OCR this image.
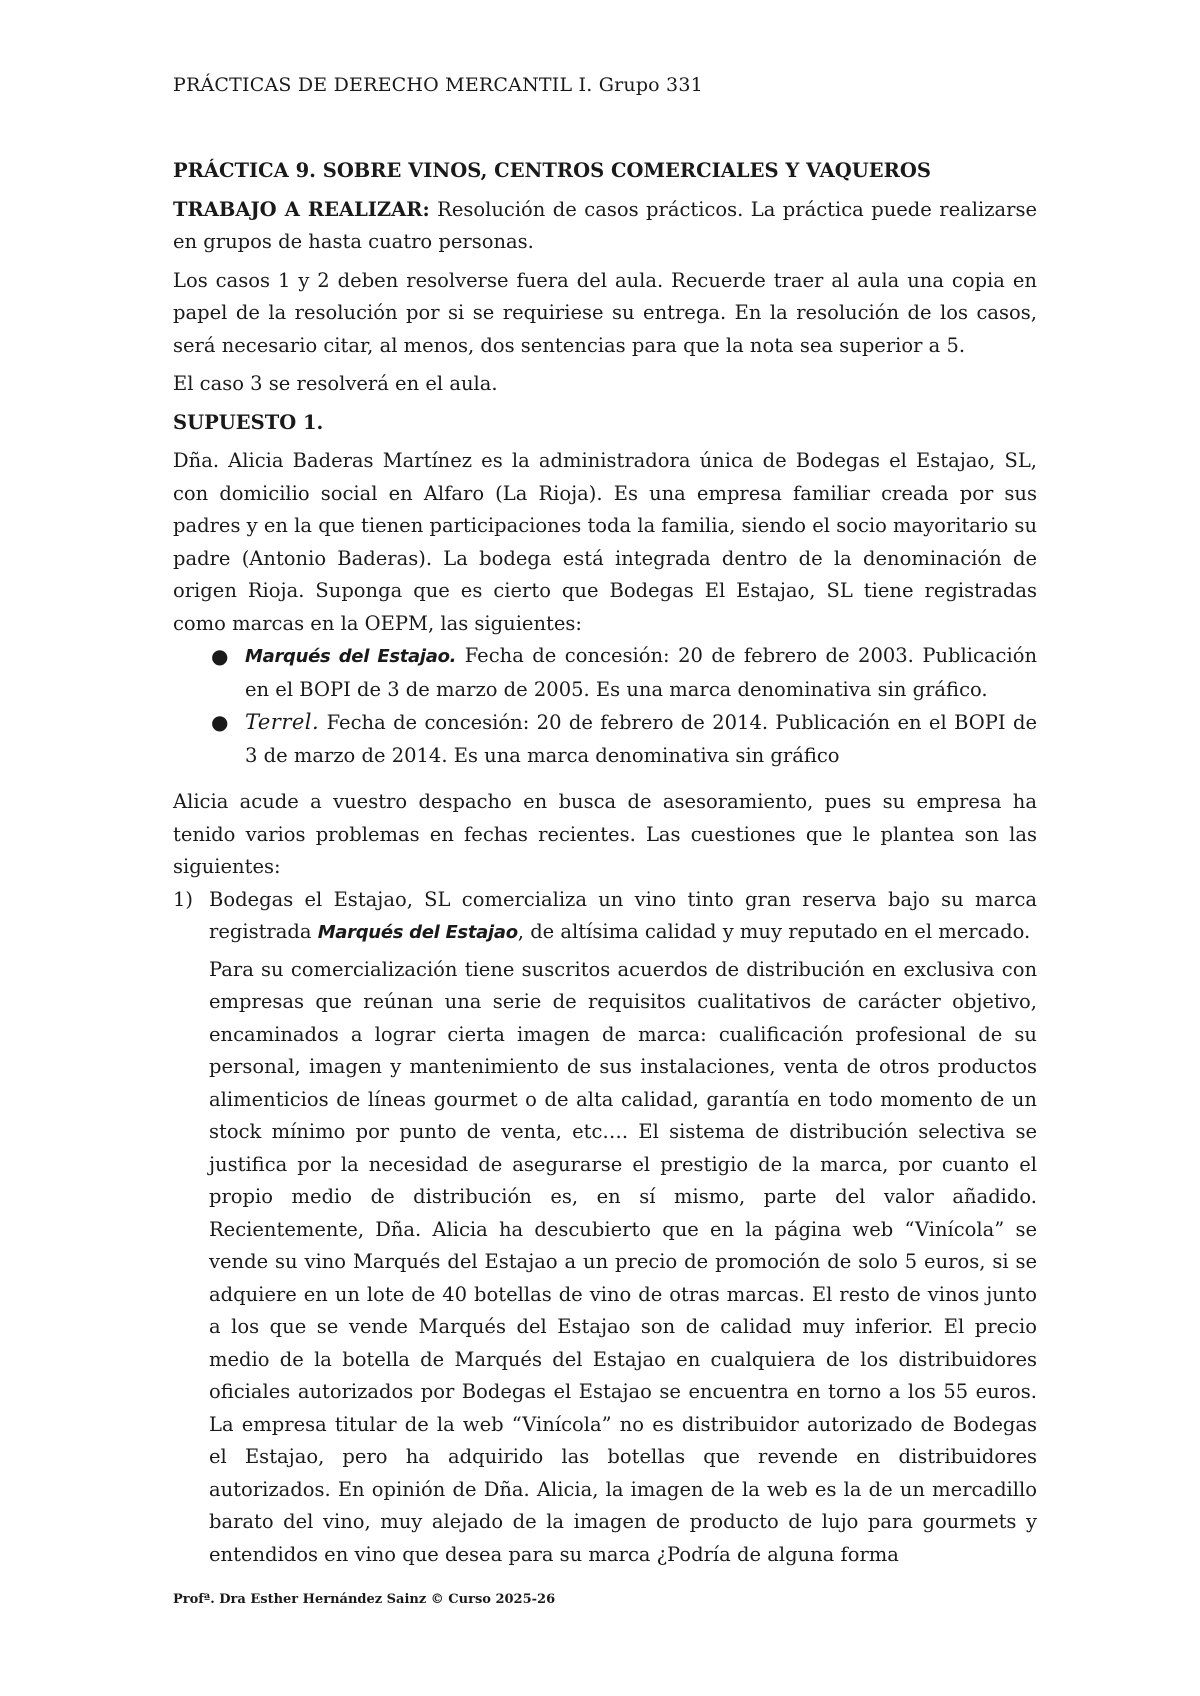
PRÁCTICAS DE DERECHO MERCANTIL I. Grupo 331

PRÁCTICA 9. SOBRE VINOS, CENTROS COMERCIALES Y VAQUEROS

TRABAJO A REALIZAR: Resolución de casos prácticos. La práctica puede realizarse en grupos de hasta cuatro personas.

Los casos 1 y 2 deben resolverse fuera del aula. Recuerde traer al aula una copia en papel de la resolución por si se requiriese su entrega. En la resolución de los casos, será necesario citar, al menos, dos sentencias para que la nota sea superior a 5.

El caso 3 se resolverá en el aula.

SUPUESTO 1.

Dña. Alicia Baderas Martínez es la administradora única de Bodegas el Estajao, SL, con domicilio social en Alfaro (La Rioja). Es una empresa familiar creada por sus padres y en la que tienen participaciones toda la familia, siendo el socio mayoritario su padre (Antonio Baderas). La bodega está integrada dentro de la denominación de origen Rioja. Suponga que es cierto que Bodegas El Estajao, SL tiene registradas como marcas en la OEPM, las siguientes:

● Marqués del Estajao. Fecha de concesión: 20 de febrero de 2003. Publicación en el BOPI de 3 de marzo de 2005. Es una marca denominativa sin gráfico.
● Terrel. Fecha de concesión: 20 de febrero de 2014. Publicación en el BOPI de 3 de marzo de 2014. Es una marca denominativa sin gráfico

Alicia acude a vuestro despacho en busca de asesoramiento, pues su empresa ha tenido varios problemas en fechas recientes. Las cuestiones que le plantea son las siguientes:

1) Bodegas el Estajao, SL comercializa un vino tinto gran reserva bajo su marca registrada Marqués del Estajao, de altísima calidad y muy reputado en el mercado.

Para su comercialización tiene suscritos acuerdos de distribución en exclusiva con empresas que reúnan una serie de requisitos cualitativos de carácter objetivo, encaminados a lograr cierta imagen de marca: cualificación profesional de su personal, imagen y mantenimiento de sus instalaciones, venta de otros productos alimenticios de líneas gourmet o de alta calidad, garantía en todo momento de un stock mínimo por punto de venta, etc…. El sistema de distribución selectiva se justifica por la necesidad de asegurarse el prestigio de la marca, por cuanto el propio medio de distribución es, en sí mismo, parte del valor añadido. Recientemente, Dña. Alicia ha descubierto que en la página web “Vinícola” se vende su vino Marqués del Estajao a un precio de promoción de solo 5 euros, si se adquiere en un lote de 40 botellas de vino de otras marcas. El resto de vinos junto a los que se vende Marqués del Estajao son de calidad muy inferior. El precio medio de la botella de Marqués del Estajao en cualquiera de los distribuidores oficiales autorizados por Bodegas el Estajao se encuentra en torno a los 55 euros. La empresa titular de la web “Vinícola” no es distribuidor autorizado de Bodegas el Estajao, pero ha adquirido las botellas que revende en distribuidores autorizados. En opinión de Dña. Alicia, la imagen de la web es la de un mercadillo barato del vino, muy alejado de la imagen de producto de lujo para gourmets y entendidos en vino que desea para su marca ¿Podría de alguna forma

Profª. Dra Esther Hernández Sainz © Curso 2025-26
